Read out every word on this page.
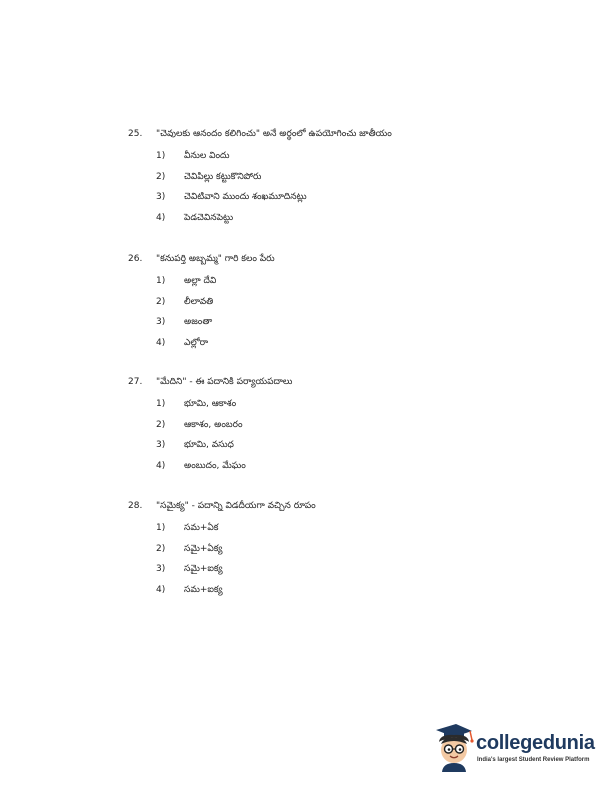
25.	"చెవులకు ఆనందం కలిగించు" అనే అర్థంలో ఉపయోగించు జాతీయం
1)	వీనుల విందు
2)	చెవిపిల్లు కట్టుకొనిపోరు
3)	చెవిటివాని ముందు శంఖమూదినట్లు
4)	పెడచెవినపెట్టు
26.	"కనుపర్తి అబ్బమ్మ" గారి కలం పేరు
1)	అల్లా దేవి
2)	లీలావతి
3)	అజంతా
4)	ఎల్లోరా
27.	"మేదిని" - ఈ పదానికి పర్యాయపదాలు
1)	భూమి, ఆకాశం
2)	ఆకాశం, అంబరం
3)	భూమి, వసుధ
4)	అంబుదం, మేఘం
28.	"సమైక్య" - పదాన్ని విడదీయగా వచ్చిన రూపం
1)	సమ+ఏక
2)	సమై+ఏక్య
3)	సమై+ఐక్య
4)	సమ+ఐక్య
collegedunia
India's largest Student Review Platform
